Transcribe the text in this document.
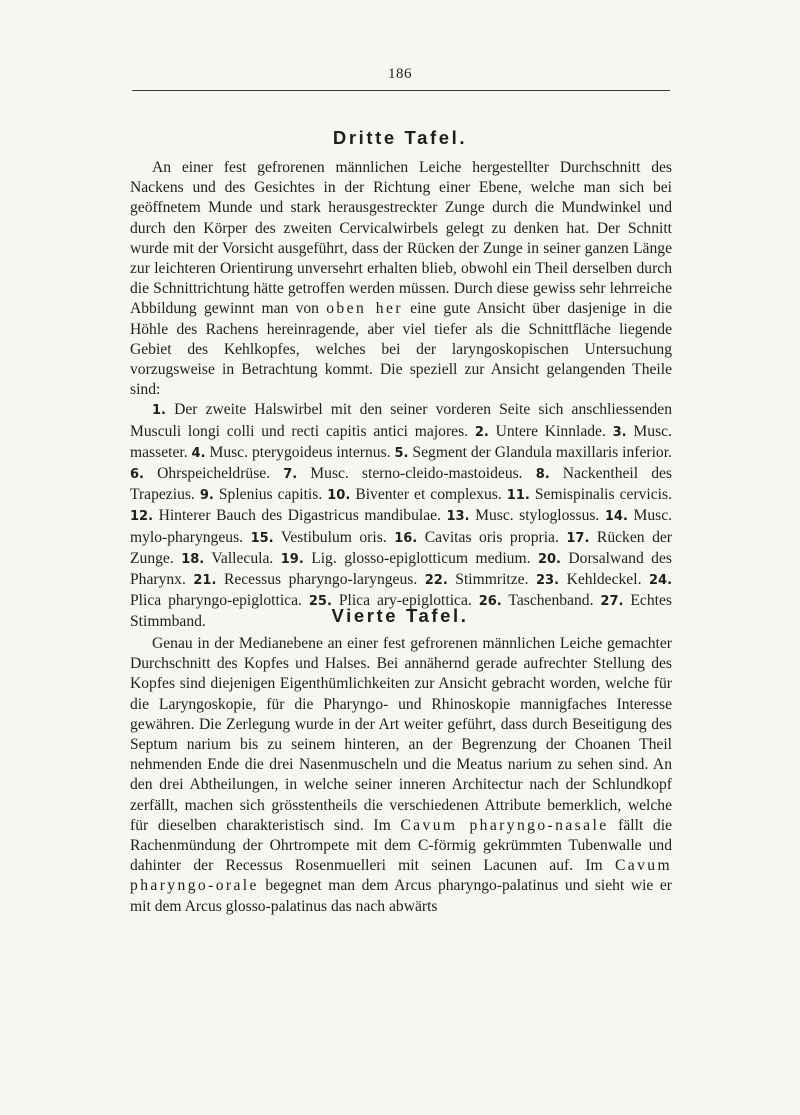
186
Dritte Tafel.

An einer fest gefrorenen männlichen Leiche hergestellter Durchschnitt des Nackens und des Gesichtes in der Richtung einer Ebene, welche man sich bei geöffnetem Munde und stark herausgestreckter Zunge durch die Mundwinkel und durch den Körper des zweiten Cervicalwirbels gelegt zu denken hat. Der Schnitt wurde mit der Vorsicht ausgeführt, dass der Rücken der Zunge in seiner ganzen Länge zur leichteren Orientirung unversehrt erhalten blieb, obwohl ein Theil derselben durch die Schnittrichtung hätte getroffen werden müssen. Durch diese gewiss sehr lehrreiche Abbildung gewinnt man von oben her eine gute Ansicht über dasjenige in die Höhle des Rachens hereinragende, aber viel tiefer als die Schnittfläche liegende Gebiet des Kehlkopfes, welches bei der laryngoskopischen Untersuchung vorzugsweise in Betrachtung kommt. Die speziell zur Ansicht gelangenden Theile sind:

1. Der zweite Halswirbel mit den seiner vorderen Seite sich anschliessenden Musculi longi colli und recti capitis antici majores. 2. Untere Kinnlade. 3. Musc. masseter. 4. Musc. pterygoideus internus. 5. Segment der Glandula maxillaris inferior. 6. Ohrspeicheldrüse. 7. Musc. sterno-cleido-mastoideus. 8. Nackentheil des Trapezius. 9. Splenius capitis. 10. Biventer et complexus. 11. Semispinalis cervicis. 12. Hinterer Bauch des Digastricus mandibulae. 13. Musc. styloglossus. 14. Musc. mylo-pharyngeus. 15. Vestibulum oris. 16. Cavitas oris propria. 17. Rücken der Zunge. 18. Vallecula. 19. Lig. glosso-epiglotticum medium. 20. Dorsalwand des Pharynx. 21. Recessus pharyngo-laryngeus. 22. Stimmritze. 23. Kehldeckel. 24. Plica pharyngo-epiglottica. 25. Plica ary-epiglottica. 26. Taschenband. 27. Echtes Stimmband.	Vierte Tafel.

Genau in der Medianebene an einer fest gefrorenen männlichen Leiche gemachter Durchschnitt des Kopfes und Halses. Bei annähernd gerade aufrechter Stellung des Kopfes sind diejenigen Eigenthümlichkeiten zur Ansicht gebracht worden, welche für die Laryngoskopie, für die Pharyngo- und Rhinoskopie mannigfaches Interesse gewähren. Die Zerlegung wurde in der Art weiter geführt, dass durch Beseitigung des Septum narium bis zu seinem hinteren, an der Begrenzung der Choanen Theil nehmenden Ende die drei Nasenmuscheln und die Meatus narium zu sehen sind. An den drei Abtheilungen, in welche seiner inneren Architectur nach der Schlundkopf zerfällt, machen sich grösstentheils die verschiedenen Attribute bemerklich, welche für dieselben charakteristisch sind. Im Cavum pharyngo-nasale fällt die Rachenmündung der Ohrtrompete mit dem C-förmig gekrümmten Tubenwalle und dahinter der Recessus Rosenmuelleri mit seinen Lacunen auf. Im Cavum pharyngo-orale begegnet man dem Arcus pharyngo-palatinus und sieht wie er mit dem Arcus glosso-palatinus das nach abwärts
